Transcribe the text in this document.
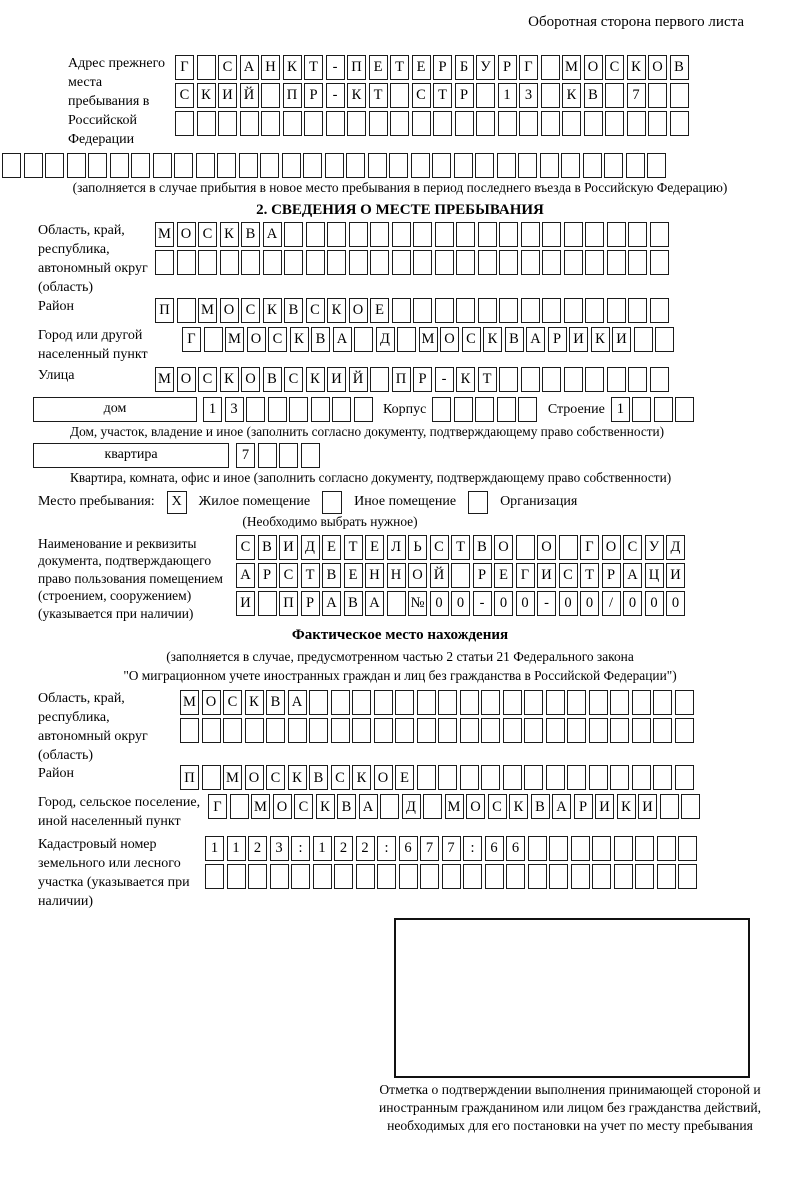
Оборотная сторона первого листа
Адрес прежнего места пребывания в Российской Федерации
Г	С А Н К Т	- П Е Т Е Р Б У Р Г	М О С К О В
С К И Й П Р	- К Т	С Т Р	1 3	К В	7
(заполняется в случае прибытия в новое место пребывания в период последнего въезда в Российскую Федерацию)
2. СВЕДЕНИЯ О МЕСТЕ ПРЕБЫВАНИЯ
Область, край, республика, автономный округ (область)
М О С К В А
Район	П М О С К В С К О Е
Город или другой населенный пункт
Г	М О С К В А	Д	М О С К В А Р И К И
Улица	М О С К О В С К И Й П Р	- К Т
дом	1 3	Корпус	Строение 1
Дом, участок, владение и иное (заполнить согласно документу, подтверждающему право собственности)
квартира	7
Квартира, комната, офис и иное (заполнить согласно документу, подтверждающему право собственности)
Место пребывания:	X	Жилое помещение	Иное помещение	Организация
(Необходимо выбрать нужное)
Наименование и реквизиты документа, подтверждающего право пользования помещением (строением, сооружением) (указывается при наличии)
С В И Д Е Т Е Л Ь С Т В О О	Г О С У Д
А Р С Т В Е Н Н О Й	Р Е Г И С Т Р А Ц И
И П Р А В А № 0 0	-	0 0	-	0 0	/	0 0 0
Фактическое место нахождения
(заполняется в случае, предусмотренном частью 2 статьи 21 Федерального закона
"О миграционном учете иностранных граждан и лиц без гражданства в Российской Федерации")
Область, край, республика, автономный округ (область)
М О С К В А
Район	П М О С К В С К О Е
Город, сельское поселение, иной населенный пункт
Г	М О С К В А	Д	М О С К В А Р И К И
Кадастровый номер земельного или лесного участка (указывается при наличии)
1 1 2 3	:	1 2 2	:	6 7 7	:	6 6
Отметка о подтверждении выполнения принимающей стороной и иностранным гражданином или лицом без гражданства действий, необходимых для его постановки на учет по месту пребывания
